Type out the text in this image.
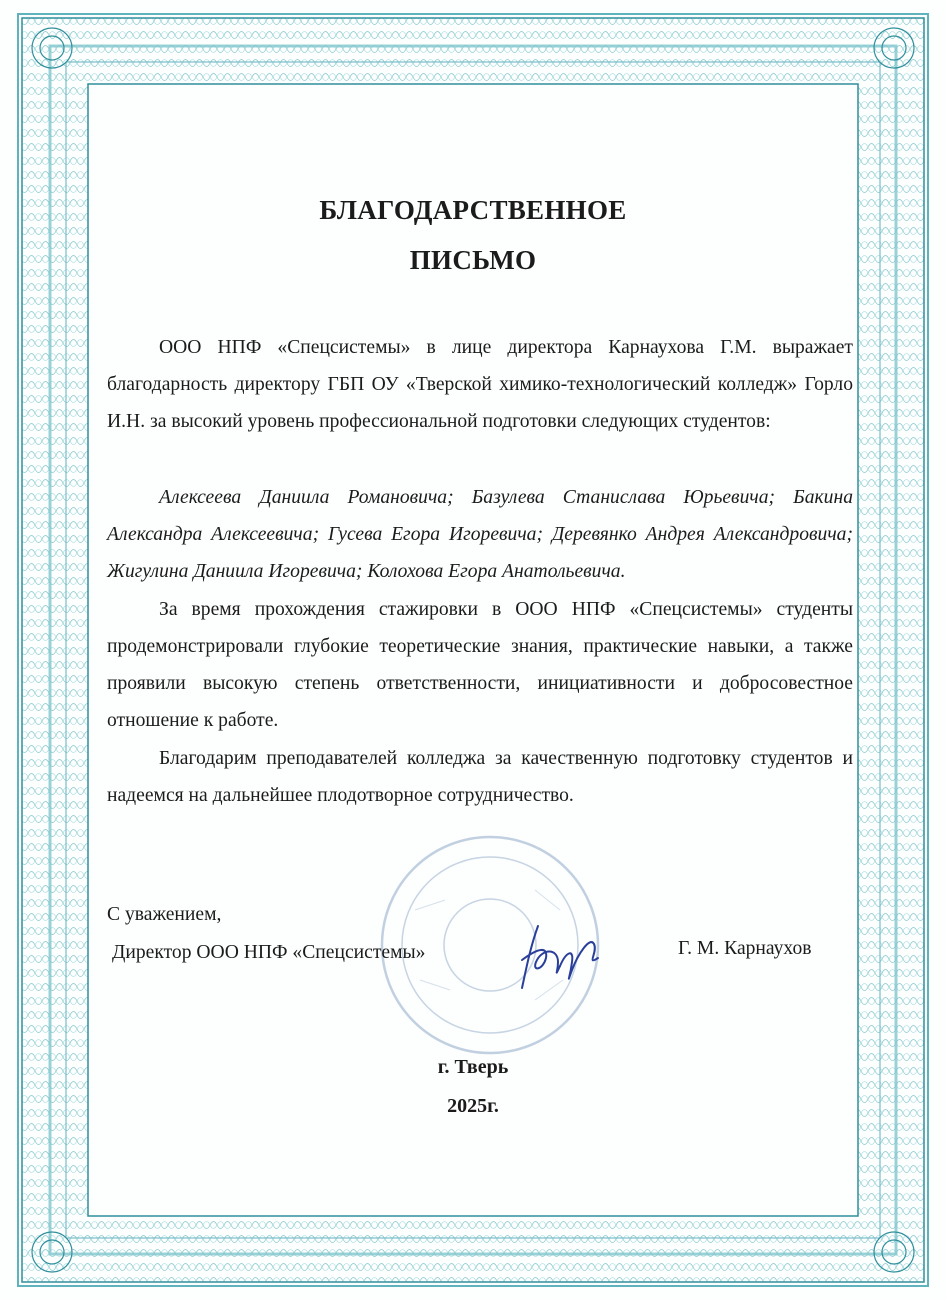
БЛАГОДАРСТВЕННОЕ
ПИСЬМО

ООО НПФ «Спецсистемы» в лице директора Карнаухова Г.М. выражает благодарность директору ГБП ОУ «Тверской химико-технологический колледж» Горло И.Н. за высокий уровень профессиональной подготовки следующих студентов:

Алексеева Даниила Романовича; Базулева Станислава Юрьевича; Бакина Александра Алексеевича; Гусева Егора Игоревича; Деревянко Андрея Александровича; Жигулина Даниила Игоревича; Колохова Егора Анатольевича.

За время прохождения стажировки в ООО НПФ «Спецсистемы» студенты продемонстрировали глубокие теоретические знания, практические навыки, а также проявили высокую степень ответственности, инициативности и добросовестное отношение к работе.

Благодарим преподавателей колледжа за качественную подготовку студентов и надеемся на дальнейшее плодотворное сотрудничество.

С уважением,
Директор ООО НПФ «Спецсистемы»	Г. М. Карнаухов
г. Тверь
2025г.
